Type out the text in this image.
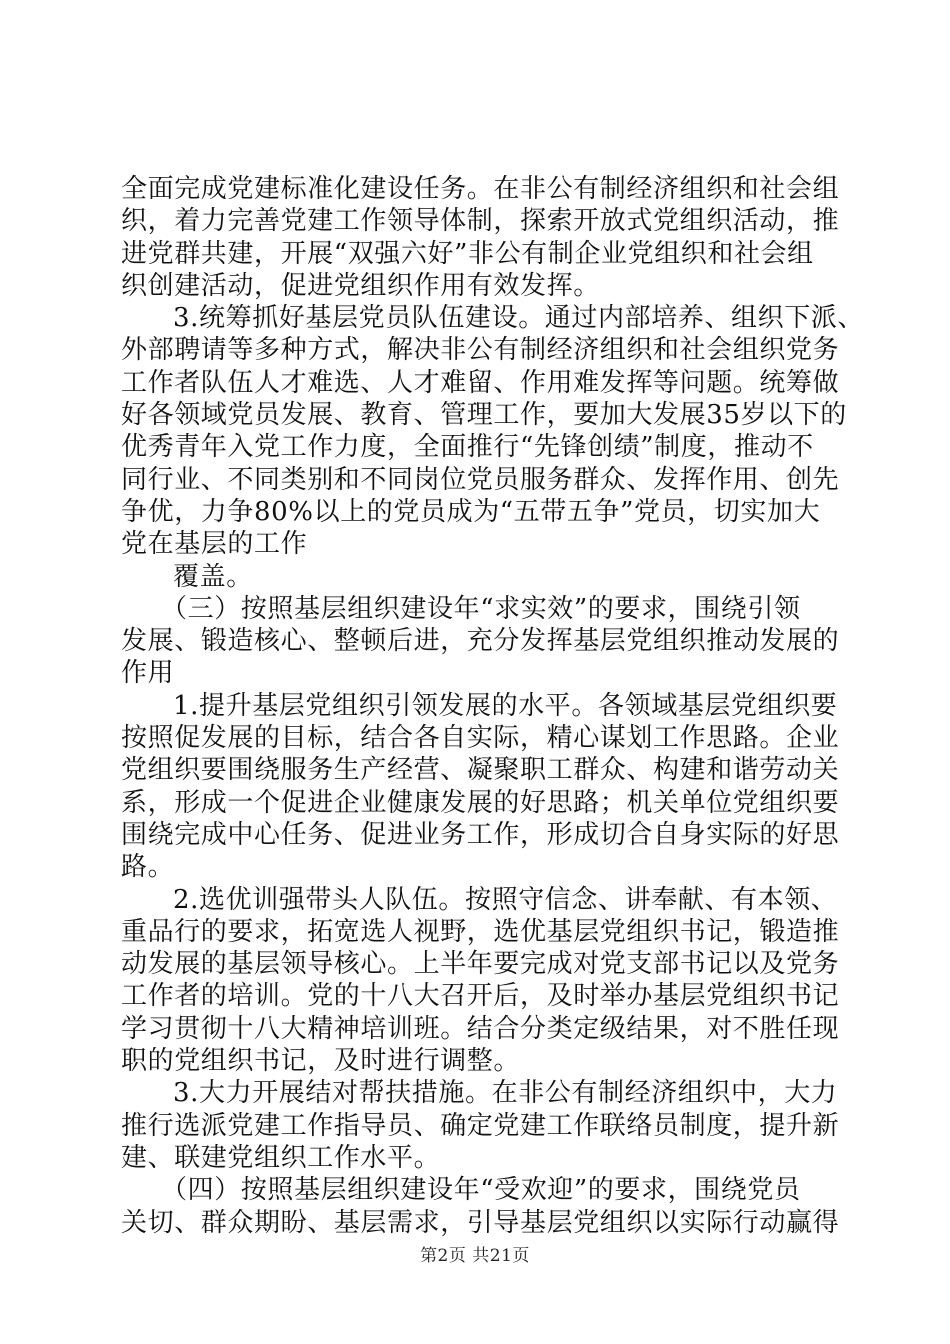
全面完成党建标准化建设任务。在非公有制经济组织和社会组
织，着力完善党建工作领导体制，探索开放式党组织活动，推
进党群共建，开展“双强六好”非公有制企业党组织和社会组
织创建活动，促进党组织作用有效发挥。
3.统筹抓好基层党员队伍建设。通过内部培养、组织下派、
外部聘请等多种方式，解决非公有制经济组织和社会组织党务
工作者队伍人才难选、人才难留、作用难发挥等问题。统筹做
好各领域党员发展、教育、管理工作，要加大发展35岁以下的
优秀青年入党工作力度，全面推行“先锋创绩”制度，推动不
同行业、不同类别和不同岗位党员服务群众、发挥作用、创先
争优，力争80%以上的党员成为“五带五争”党员，切实加大
党在基层的工作
覆盖。
（三）按照基层组织建设年“求实效”的要求，围绕引领
发展、锻造核心、整顿后进，充分发挥基层党组织推动发展的
作用
1.提升基层党组织引领发展的水平。各领域基层党组织要
按照促发展的目标，结合各自实际，精心谋划工作思路。企业
党组织要围绕服务生产经营、凝聚职工群众、构建和谐劳动关
系，形成一个促进企业健康发展的好思路；机关单位党组织要
围绕完成中心任务、促进业务工作，形成切合自身实际的好思
路。
2.选优训强带头人队伍。按照守信念、讲奉献、有本领、
重品行的要求，拓宽选人视野，选优基层党组织书记，锻造推
动发展的基层领导核心。上半年要完成对党支部书记以及党务
工作者的培训。党的十八大召开后，及时举办基层党组织书记
学习贯彻十八大精神培训班。结合分类定级结果，对不胜任现
职的党组织书记，及时进行调整。
3.大力开展结对帮扶措施。在非公有制经济组织中，大力
推行选派党建工作指导员、确定党建工作联络员制度，提升新
建、联建党组织工作水平。
（四）按照基层组织建设年“受欢迎”的要求，围绕党员
关切、群众期盼、基层需求，引导基层党组织以实际行动赢得
第2页 共21页
